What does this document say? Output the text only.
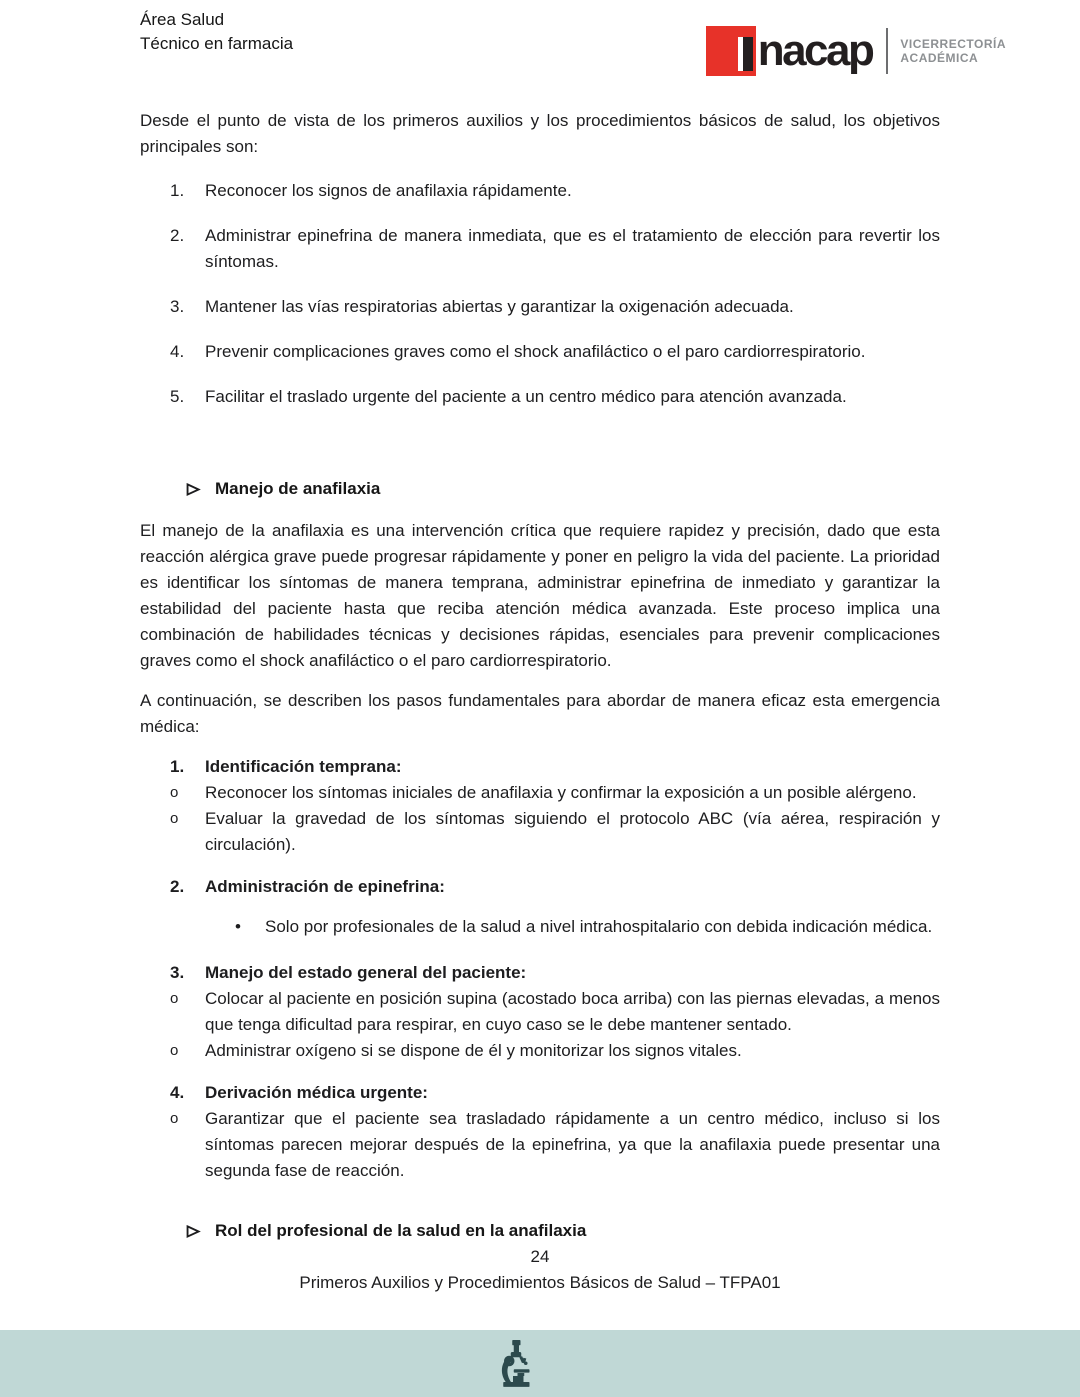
Área Salud
Técnico en farmacia	nacap VICERRECTORÍA
ACADÉMICA

Desde el punto de vista de los primeros auxilios y los procedimientos básicos de salud, los objetivos principales son:

1.	Reconocer los signos de anafilaxia rápidamente.
2.	Administrar epinefrina de manera inmediata, que es el tratamiento de elección para revertir los síntomas.
3.	Mantener las vías respiratorias abiertas y garantizar la oxigenación adecuada.
4.	Prevenir complicaciones graves como el shock anafiláctico o el paro cardiorrespiratorio.
5.	Facilitar el traslado urgente del paciente a un centro médico para atención avanzada.
Manejo de anafilaxia

El manejo de la anafilaxia es una intervención crítica que requiere rapidez y precisión, dado que esta reacción alérgica grave puede progresar rápidamente y poner en peligro la vida del paciente. La prioridad es identificar los síntomas de manera temprana, administrar epinefrina de inmediato y garantizar la estabilidad del paciente hasta que reciba atención médica avanzada. Este proceso implica una combinación de habilidades técnicas y decisiones rápidas, esenciales para prevenir complicaciones graves como el shock anafiláctico o el paro cardiorrespiratorio.

A continuación, se describen los pasos fundamentales para abordar de manera eficaz esta emergencia médica:

1.	Identificación temprana:
o	Reconocer los síntomas iniciales de anafilaxia y confirmar la exposición a un posible alérgeno.
o	Evaluar la gravedad de los síntomas siguiendo el protocolo ABC (vía aérea, respiración y circulación).
2.	Administración de epinefrina:
•	Solo por profesionales de la salud a nivel intrahospitalario con debida indicación médica.
3.	Manejo del estado general del paciente:
o	Colocar al paciente en posición supina (acostado boca arriba) con las piernas elevadas, a menos que tenga dificultad para respirar, en cuyo caso se le debe mantener sentado.
o	Administrar oxígeno si se dispone de él y monitorizar los signos vitales.
4.	Derivación médica urgente:
o	Garantizar que el paciente sea trasladado rápidamente a un centro médico, incluso si los síntomas parecen mejorar después de la epinefrina, ya que la anafilaxia puede presentar una segunda fase de reacción.
Rol del profesional de la salud en la anafilaxia
24
Primeros Auxilios y Procedimientos Básicos de Salud – TFPA01
